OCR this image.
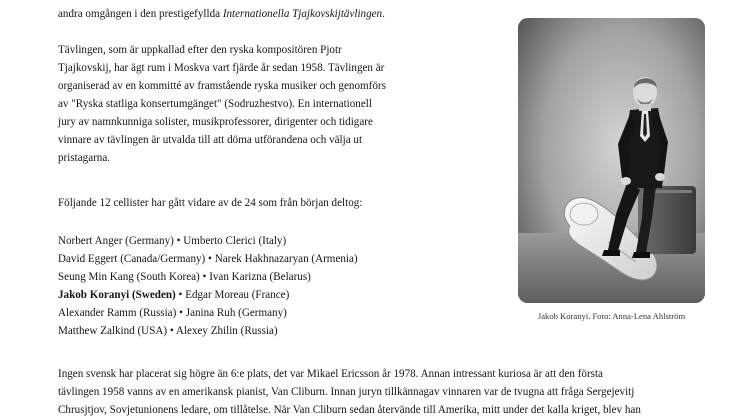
andra omgången i den prestigefyllda Internationella Tjajkovskijtävlingen.
Tävlingen, som är uppkallad efter den ryska kompositören Pjotr
Tjajkovskij, har ägt rum i Moskva vart fjärde år sedan 1958. Tävlingen är
organiserad av en kommitté av framstående ryska musiker och genomförs
av "Ryska statliga konsertumgänget" (Sodruzhestvo). En internationell
jury av namnkunniga solister, musikprofessorer, dirigenter och tidigare
vinnare av tävlingen är utvalda till att döma utförandena och välja ut
pristagarna.
Följande 12 cellister har gått vidare av de 24 som från början deltog:
Norbert Anger (Germany) • Umberto Clerici (Italy)
David Eggert (Canada/Germany) • Narek Hakhnazaryan (Armenia)
Seung Min Kang (South Korea) • Ivan Karizna (Belarus)
Jakob Koranyi (Sweden) • Edgar Moreau (France)
Alexander Ramm (Russia) • Janina Ruh (Germany)
Matthew Zalkind (USA) • Alexey Zhilin (Russia)
Ingen svensk har placerat sig högre än 6:e plats, det var Mikael Ericsson år 1978. Annan intressant kuriosa är att den första
tävlingen 1958 vanns av en amerikansk pianist, Van Cliburn. Innan juryn tillkännagav vinnaren var de tvugna att fråga Sergejevitj
Chrusjtjov, Sovjetunionens ledare, om tillåtelse. När Van Cliburn sedan återvände till Amerika, mitt under det kalla kriget, blev han
Jakob Koranyi. Foto: Anna-Lena Ahlström
